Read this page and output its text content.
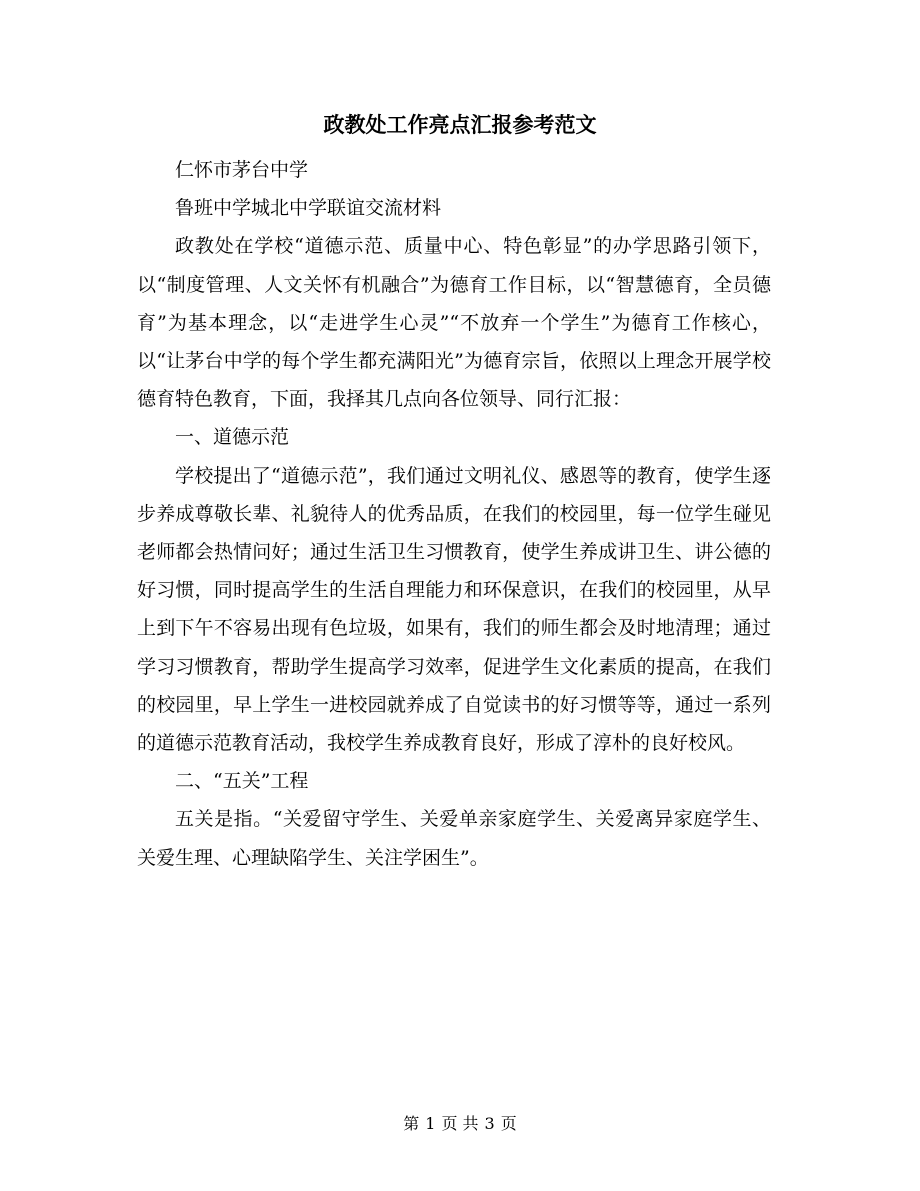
政教处工作亮点汇报参考范文

仁怀市茅台中学

鲁班中学城北中学联谊交流材料

政教处在学校“道德示范、质量中心、特色彰显”的办学思路引领下，以“制度管理、人文关怀有机融合”为德育工作目标，以“智慧德育，全员德育”为基本理念，以“走进学生心灵”“不放弃一个学生”为德育工作核心，以“让茅台中学的每个学生都充满阳光”为德育宗旨，依照以上理念开展学校德育特色教育，下面，我择其几点向各位领导、同行汇报：

一、道德示范

学校提出了“道德示范”，我们通过文明礼仪、感恩等的教育，使学生逐步养成尊敬长辈、礼貌待人的优秀品质，在我们的校园里，每一位学生碰见老师都会热情问好；通过生活卫生习惯教育，使学生养成讲卫生、讲公德的好习惯，同时提高学生的生活自理能力和环保意识，在我们的校园里，从早上到下午不容易出现有色垃圾，如果有，我们的师生都会及时地清理；通过学习习惯教育，帮助学生提高学习效率，促进学生文化素质的提高，在我们的校园里，早上学生一进校园就养成了自觉读书的好习惯等等，通过一系列的道德示范教育活动，我校学生养成教育良好，形成了淳朴的良好校风。

二、“五关”工程

五关是指。“关爱留守学生、关爱单亲家庭学生、关爱离异家庭学生、关爱生理、心理缺陷学生、关注学困生”。

第 1 页 共 3 页
